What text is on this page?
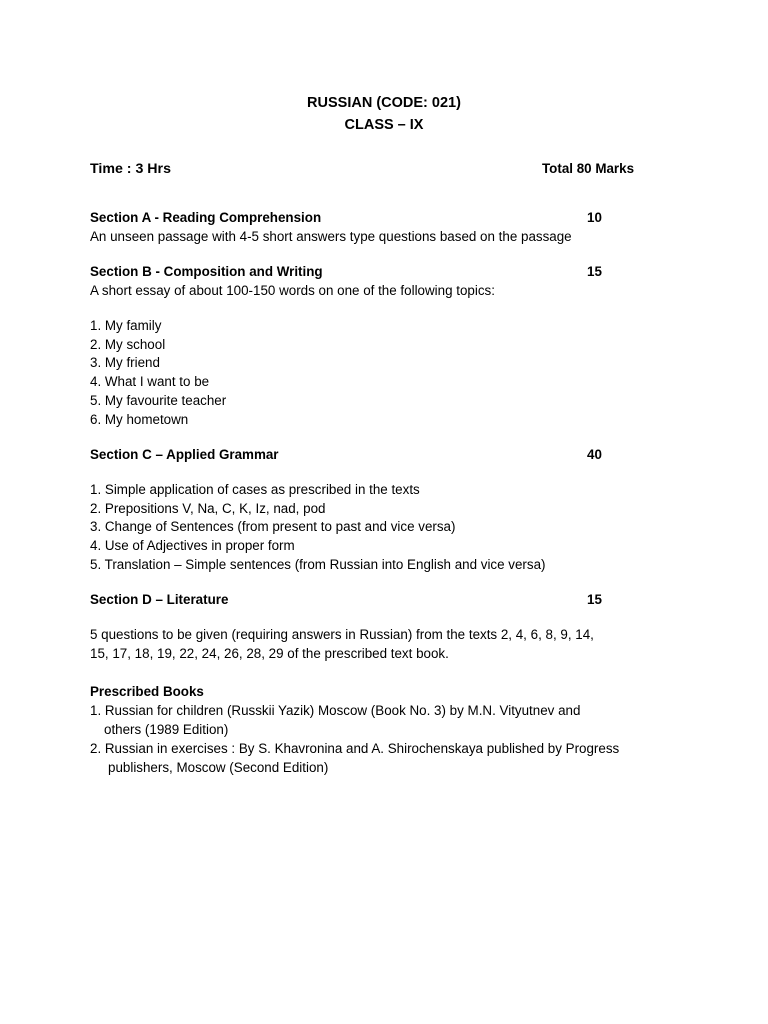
RUSSIAN (CODE: 021)
CLASS – IX
Time : 3 Hrs	Total 80 Marks
Section A - Reading Comprehension	10
An unseen passage with 4-5 short answers type questions based on the passage
Section B - Composition and Writing	15
A short essay of about 100-150 words on one of the following topics:
1. My family
2. My school
3. My friend
4. What I want to be
5. My favourite teacher
6. My hometown
Section C – Applied Grammar	40
1. Simple application of cases as prescribed in the texts
2. Prepositions V, Na, C, K, Iz, nad, pod
3. Change of Sentences (from present to past and vice versa)
4. Use of Adjectives in proper form
5. Translation – Simple sentences (from Russian into English and vice versa)
Section D – Literature	15
5 questions to be given (requiring answers in Russian) from the texts 2, 4, 6, 8, 9, 14,
15, 17, 18, 19, 22, 24, 26, 28, 29 of the prescribed text book.
Prescribed Books
1. Russian for children (Russkii Yazik) Moscow (Book No. 3) by M.N. Vityutnev and
others (1989 Edition)
2. Russian in exercises : By S. Khavronina and A. Shirochenskaya published by Progress
publishers, Moscow (Second Edition)
